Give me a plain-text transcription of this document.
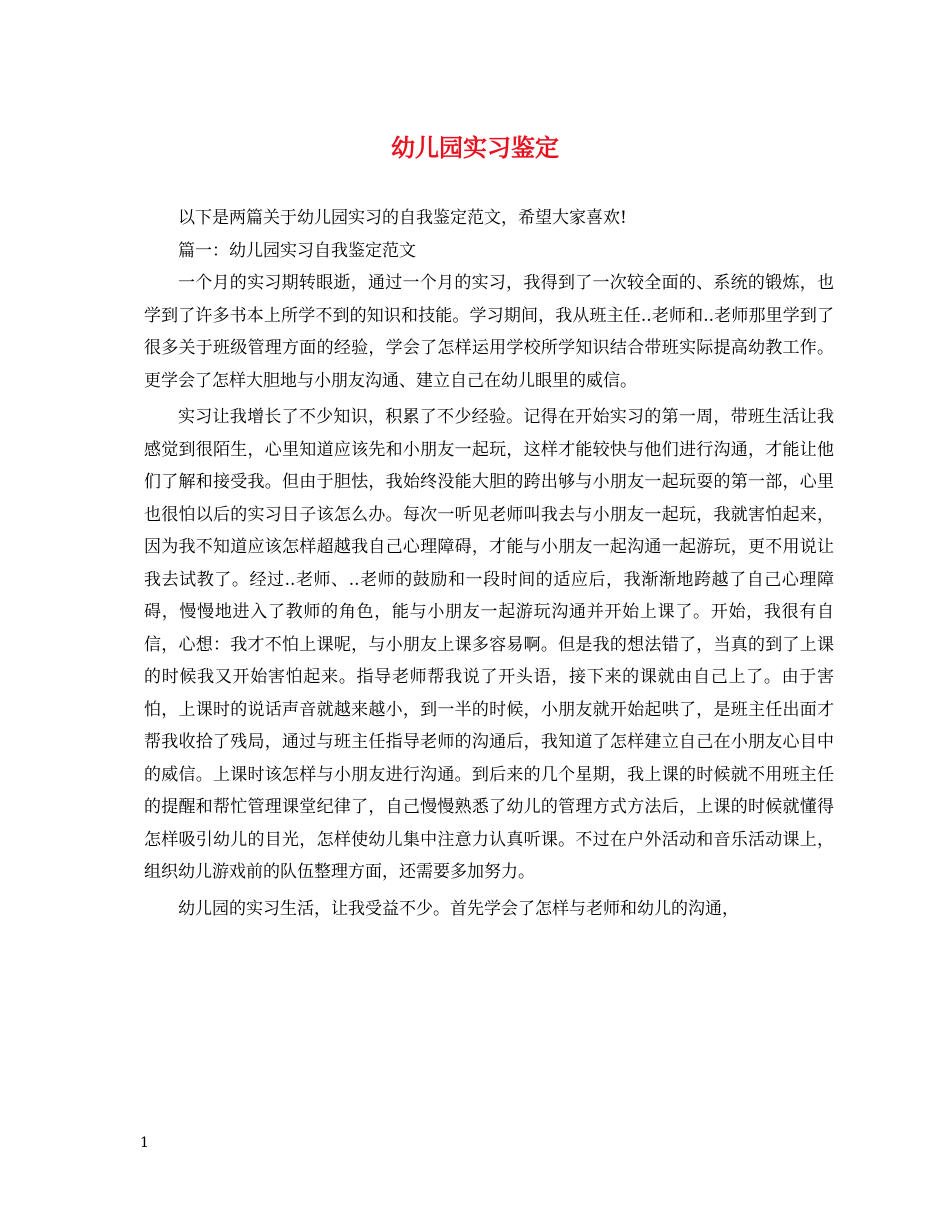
幼儿园实习鉴定

以下是两篇关于幼儿园实习的自我鉴定范文，希望大家喜欢!

篇一：幼儿园实习自我鉴定范文

一个月的实习期转眼逝，通过一个月的实习，我得到了一次较全面的、系统的锻炼，也学到了许多书本上所学不到的知识和技能。学习期间，我从班主任..老师和..老师那里学到了很多关于班级管理方面的经验，学会了怎样运用学校所学知识结合带班实际提高幼教工作。更学会了怎样大胆地与小朋友沟通、建立自己在幼儿眼里的威信。

实习让我增长了不少知识，积累了不少经验。记得在开始实习的第一周，带班生活让我感觉到很陌生，心里知道应该先和小朋友一起玩，这样才能较快与他们进行沟通，才能让他们了解和接受我。但由于胆怯，我始终没能大胆的跨出够与小朋友一起玩耍的第一部，心里也很怕以后的实习日子该怎么办。每次一听见老师叫我去与小朋友一起玩，我就害怕起来，因为我不知道应该怎样超越我自己心理障碍，才能与小朋友一起沟通一起游玩，更不用说让我去试教了。经过..老师、..老师的鼓励和一段时间的适应后，我渐渐地跨越了自己心理障碍，慢慢地进入了教师的角色，能与小朋友一起游玩沟通并开始上课了。开始，我很有自信，心想：我才不怕上课呢，与小朋友上课多容易啊。但是我的想法错了，当真的到了上课的时候我又开始害怕起来。指导老师帮我说了开头语，接下来的课就由自己上了。由于害怕，上课时的说话声音就越来越小，到一半的时候，小朋友就开始起哄了，是班主任出面才帮我收拾了残局，通过与班主任指导老师的沟通后，我知道了怎样建立自己在小朋友心目中的威信。上课时该怎样与小朋友进行沟通。到后来的几个星期，我上课的时候就不用班主任的提醒和帮忙管理课堂纪律了，自己慢慢熟悉了幼儿的管理方式方法后，上课的时候就懂得怎样吸引幼儿的目光，怎样使幼儿集中注意力认真听课。不过在户外活动和音乐活动课上，组织幼儿游戏前的队伍整理方面，还需要多加努力。

幼儿园的实习生活，让我受益不少。首先学会了怎样与老师和幼儿的沟通，

1
